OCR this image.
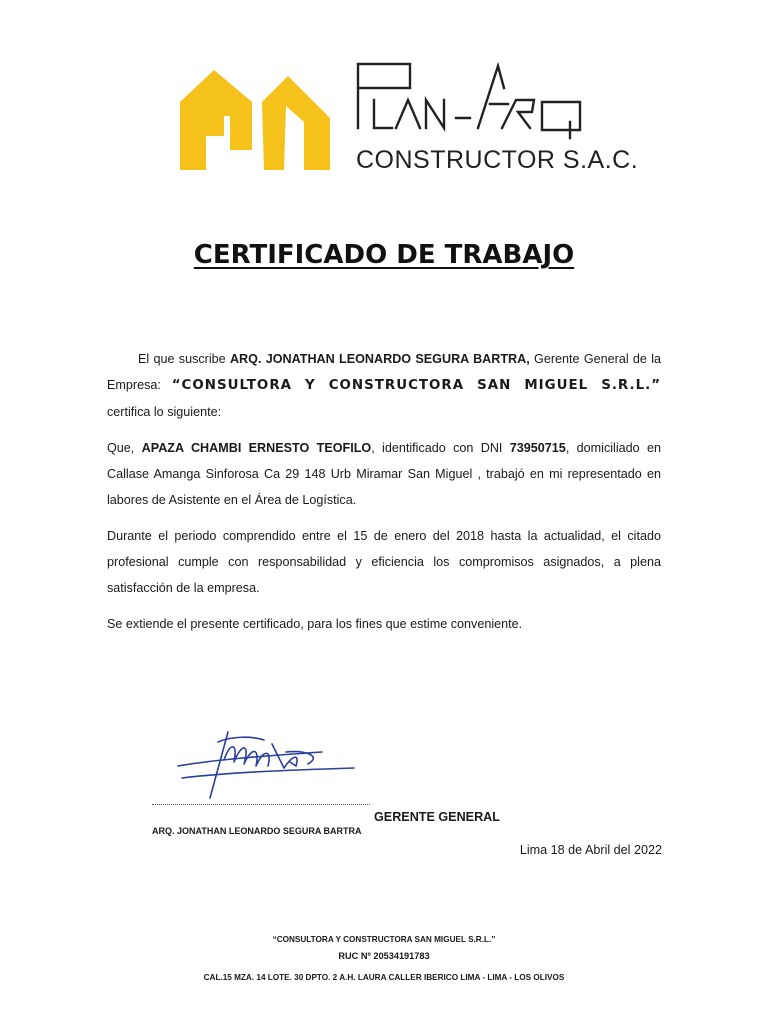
CONSTRUCTOR S.A.C.
CERTIFICADO DE TRABAJO

El que suscribe ARQ. JONATHAN LEONARDO SEGURA BARTRA, Gerente General de la Empresa: “CONSULTORA Y CONSTRUCTORA SAN MIGUEL S.R.L.” certifica lo siguiente:

Que, APAZA CHAMBI ERNESTO TEOFILO, identificado con DNI 73950715, domiciliado en Callase Amanga Sinforosa Ca 29 148 Urb Miramar San Miguel , trabajó en mi representado en labores de Asistente en el Área de Logística.

Durante el periodo comprendido entre el 15 de enero del 2018 hasta la actualidad, el citado profesional cumple con responsabilidad y eficiencia los compromisos asignados, a plena satisfacción de la empresa.

Se extiende el presente certificado, para los fines que estime conveniente.

GERENTE GENERAL
ARQ. JONATHAN LEONARDO SEGURA BARTRA
Lima 18 de Abril del 2022
“CONSULTORA Y CONSTRUCTORA SAN MIGUEL S.R.L.”
RUC Nº 20534191783
CAL.15 MZA. 14 LOTE. 30 DPTO. 2 A.H. LAURA CALLER IBERICO LIMA - LIMA - LOS OLIVOS
